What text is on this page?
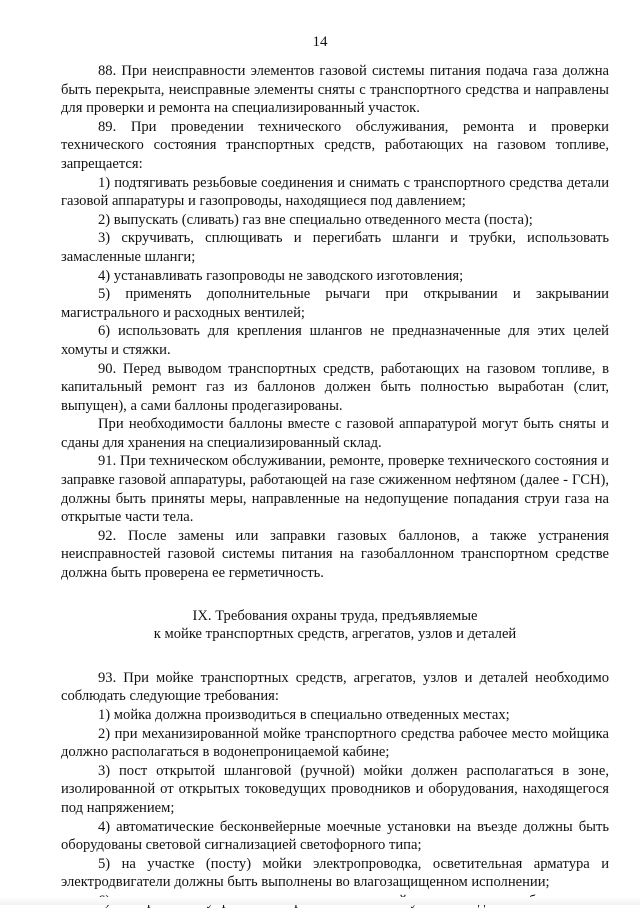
14

88. При неисправности элементов газовой системы питания подача газа должна быть перекрыта, неисправные элементы сняты с транспортного средства и направлены для проверки и ремонта на специализированный участок.

89. При проведении технического обслуживания, ремонта и проверки технического состояния транспортных средств, работающих на газовом топливе, запрещается:

1) подтягивать резьбовые соединения и снимать с транспортного средства детали газовой аппаратуры и газопроводы, находящиеся под давлением;

2) выпускать (сливать) газ вне специально отведенного места (поста);

3) скручивать, сплющивать и перегибать шланги и трубки, использовать замасленные шланги;

4) устанавливать газопроводы не заводского изготовления;

5) применять дополнительные рычаги при открывании и закрывании магистрального и расходных вентилей;

6) использовать для крепления шлангов не предназначенные для этих целей хомуты и стяжки.

90. Перед выводом транспортных средств, работающих на газовом топливе, в капитальный ремонт газ из баллонов должен быть полностью выработан (слит, выпущен), а сами баллоны продегазированы.

При необходимости баллоны вместе с газовой аппаратурой могут быть сняты и сданы для хранения на специализированный склад.

91. При техническом обслуживании, ремонте, проверке технического состояния и заправке газовой аппаратуры, работающей на газе сжиженном нефтяном (далее - ГСН), должны быть приняты меры, направленные на недопущение попадания струи газа на открытые части тела.

92. После замены или заправки газовых баллонов, а также устранения неисправностей газовой системы питания на газобаллонном транспортном средстве должна быть проверена ее герметичность.

IX. Требования охраны труда, предъявляемые
к мойке транспортных средств, агрегатов, узлов и деталей

93. При мойке транспортных средств, агрегатов, узлов и деталей необходимо соблюдать следующие требования:

1) мойка должна производиться в специально отведенных местах;

2) при механизированной мойке транспортного средства рабочее место мойщика должно располагаться в водонепроницаемой кабине;

3) пост открытой шланговой (ручной) мойки должен располагаться в зоне, изолированной от открытых токоведущих проводников и оборудования, находящегося под напряжением;

4) автоматические бесконвейерные моечные установки на въезде должны быть оборудованы световой сигнализацией светофорного типа;

5) на участке (посту) мойки электропроводка, осветительная арматура и электродвигатели должны быть выполнены во влагозащищенном исполнении;
